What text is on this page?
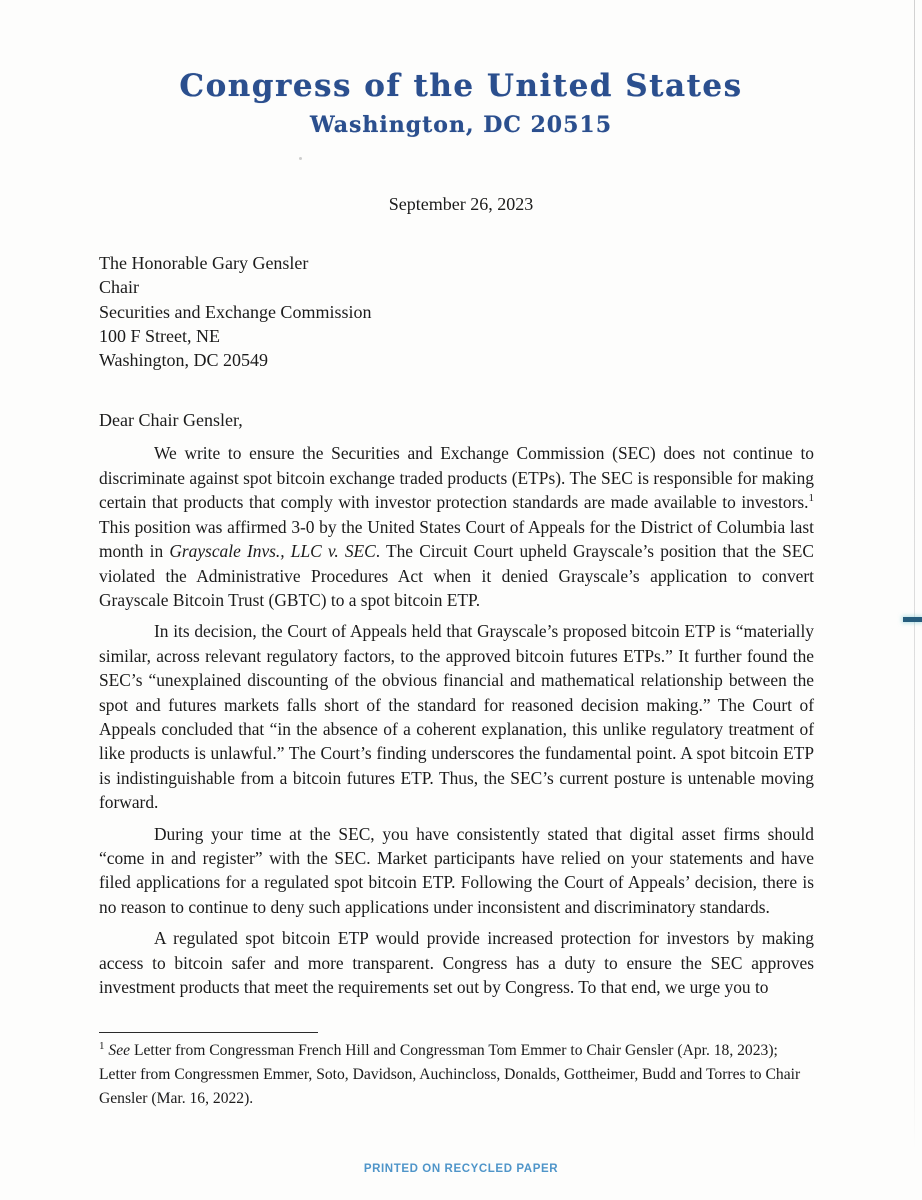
Congress of the United States
Washington, DC 20515
September 26, 2023
The Honorable Gary Gensler
Chair
Securities and Exchange Commission
100 F Street, NE
Washington, DC 20549
Dear Chair Gensler,

We write to ensure the Securities and Exchange Commission (SEC) does not continue to discriminate against spot bitcoin exchange traded products (ETPs). The SEC is responsible for making certain that products that comply with investor protection standards are made available to investors.$^1$ This position was affirmed 3-0 by the United States Court of Appeals for the District of Columbia last month in Grayscale Invs., LLC v. SEC. The Circuit Court upheld Grayscale’s position that the SEC violated the Administrative Procedures Act when it denied Grayscale’s application to convert Grayscale Bitcoin Trust (GBTC) to a spot bitcoin ETP.

In its decision, the Court of Appeals held that Grayscale’s proposed bitcoin ETP is “materially similar, across relevant regulatory factors, to the approved bitcoin futures ETPs.” It further found the SEC’s “unexplained discounting of the obvious financial and mathematical relationship between the spot and futures markets falls short of the standard for reasoned decision making.” The Court of Appeals concluded that “in the absence of a coherent explanation, this unlike regulatory treatment of like products is unlawful.” The Court’s finding underscores the fundamental point. A spot bitcoin ETP is indistinguishable from a bitcoin futures ETP. Thus, the SEC’s current posture is untenable moving forward.

During your time at the SEC, you have consistently stated that digital asset firms should “come in and register” with the SEC. Market participants have relied on your statements and have filed applications for a regulated spot bitcoin ETP. Following the Court of Appeals’ decision, there is no reason to continue to deny such applications under inconsistent and discriminatory standards.

A regulated spot bitcoin ETP would provide increased protection for investors by making access to bitcoin safer and more transparent. Congress has a duty to ensure the SEC approves investment products that meet the requirements set out by Congress. To that end, we urge you to

$^1$ See Letter from Congressman French Hill and Congressman Tom Emmer to Chair Gensler (Apr. 18, 2023); Letter from Congressmen Emmer, Soto, Davidson, Auchincloss, Donalds, Gottheimer, Budd and Torres to Chair Gensler (Mar. 16, 2022).
PRINTED ON RECYCLED PAPER
